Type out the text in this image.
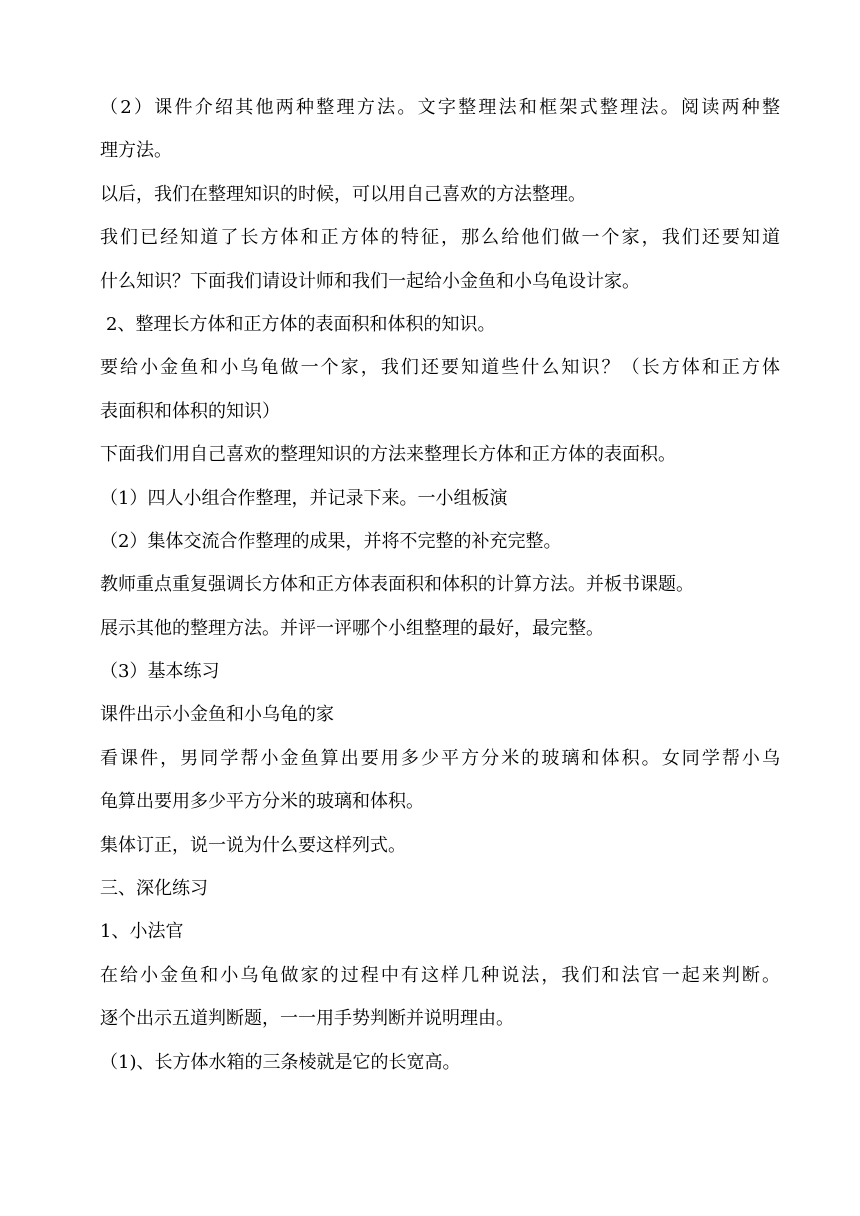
（2）课件介绍其他两种整理方法。文字整理法和框架式整理法。阅读两种整
理方法。
以后，我们在整理知识的时候，可以用自己喜欢的方法整理。
我们已经知道了长方体和正方体的特征，那么给他们做一个家，我们还要知道
什么知识？下面我们请设计师和我们一起给小金鱼和小乌龟设计家。
2、整理长方体和正方体的表面积和体积的知识。
要给小金鱼和小乌龟做一个家，我们还要知道些什么知识？（长方体和正方体
表面积和体积的知识）
下面我们用自己喜欢的整理知识的方法来整理长方体和正方体的表面积。
（1）四人小组合作整理，并记录下来。一小组板演
（2）集体交流合作整理的成果，并将不完整的补充完整。
教师重点重复强调长方体和正方体表面积和体积的计算方法。并板书课题。
展示其他的整理方法。并评一评哪个小组整理的最好，最完整。
（3）基本练习
课件出示小金鱼和小乌龟的家
看课件，男同学帮小金鱼算出要用多少平方分米的玻璃和体积。女同学帮小乌
龟算出要用多少平方分米的玻璃和体积。
集体订正，说一说为什么要这样列式。
三、深化练习
1、小法官
在给小金鱼和小乌龟做家的过程中有这样几种说法，我们和法官一起来判断。
逐个出示五道判断题，一一用手势判断并说明理由。
（1)、长方体水箱的三条棱就是它的长宽高。
